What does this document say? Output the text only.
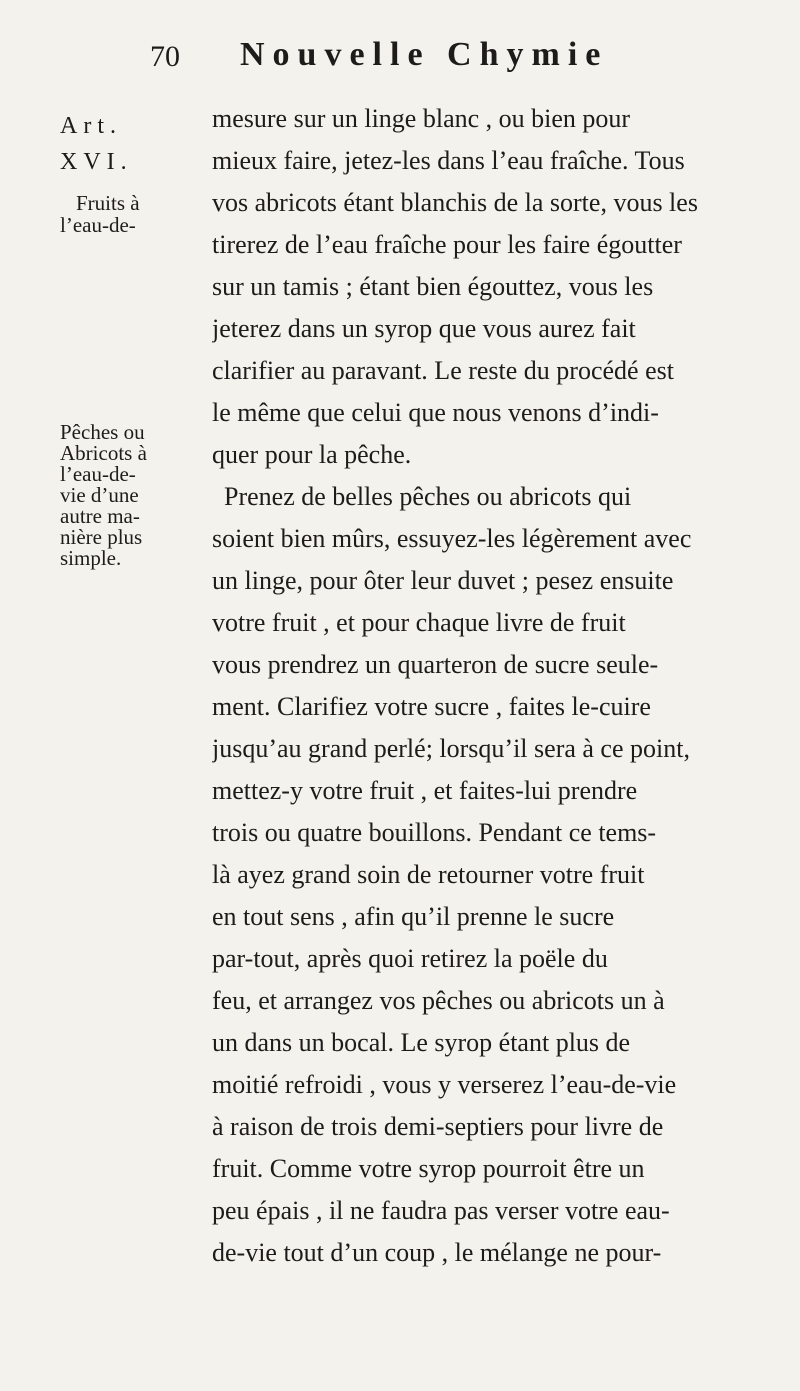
70 Nouvelle Chymie
Art.
XVI.
Fruits à
l’eau-de-
Pêches ou
Abricots à
l’eau-de-
vie d’une
autre ma-
nière plus
simple.
mesure sur un linge blanc , ou bien pour
mieux faire, jetez-les dans l’eau fraîche. Tous
vos abricots étant blanchis de la sorte, vous les
tirerez de l’eau fraîche pour les faire égoutter
sur un tamis ; étant bien égouttez, vous les
jeterez dans un syrop que vous aurez fait
clarifier au paravant. Le reste du procédé est
le même que celui que nous venons d’indi-
quer pour la pêche.
Prenez de belles pêches ou abricots qui
soient bien mûrs, essuyez-les légèrement avec
un linge, pour ôter leur duvet ; pesez ensuite
votre fruit , et pour chaque livre de fruit
vous prendrez un quarteron de sucre seule-
ment. Clarifiez votre sucre , faites le-cuire
jusqu’au grand perlé; lorsqu’il sera à ce point,
mettez-y votre fruit , et faites-lui prendre
trois ou quatre bouillons. Pendant ce tems-
là ayez grand soin de retourner votre fruit
en tout sens , afin qu’il prenne le sucre
par-tout, après quoi retirez la poële du
feu, et arrangez vos pêches ou abricots un à
un dans un bocal. Le syrop étant plus de
moitié refroidi , vous y verserez l’eau-de-vie
à raison de trois demi-septiers pour livre de
fruit. Comme votre syrop pourroit être un
peu épais , il ne faudra pas verser votre eau-
de-vie tout d’un coup , le mélange ne pour-
